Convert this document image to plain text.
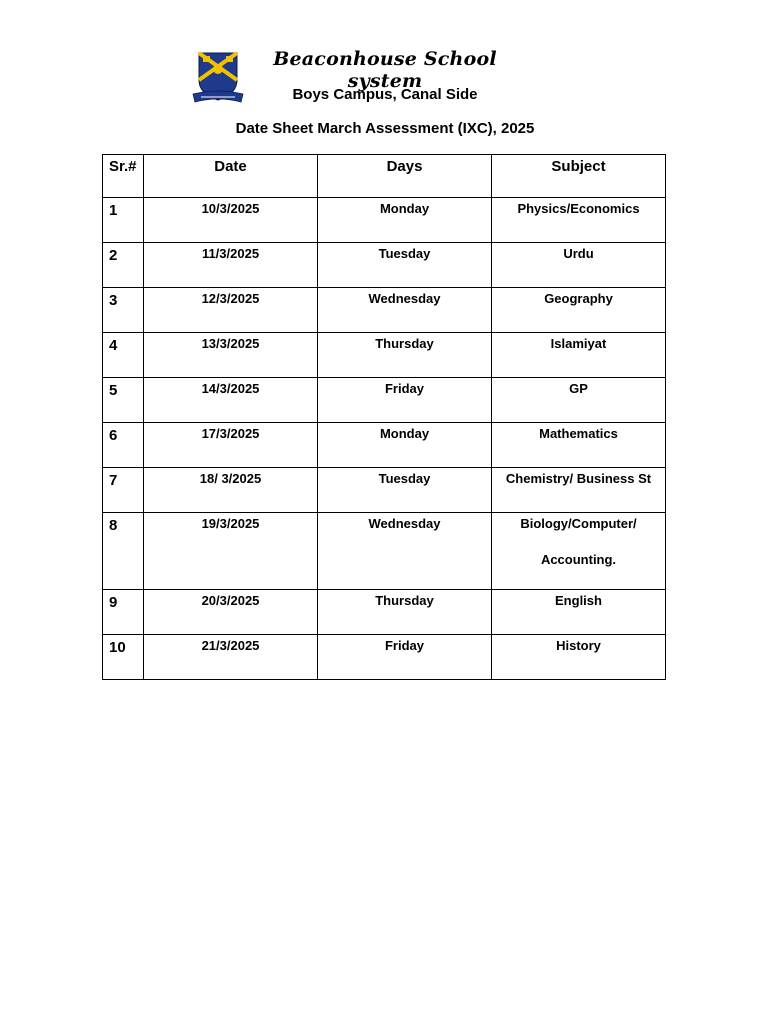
Beaconhouse School system
Boys Campus, Canal Side
Date Sheet March Assessment (IXC), 2025
Sr.#	Date	Days	Subject
1	10/3/2025	Monday	Physics/Economics
2	11/3/2025	Tuesday	Urdu
3	12/3/2025	Wednesday	Geography
4	13/3/2025	Thursday	Islamiyat
5	14/3/2025	Friday	GP
6	17/3/2025	Monday	Mathematics
7	18/ 3/2025	Tuesday	Chemistry/ Business St
8	19/3/2025	Wednesday	Biology/Computer/
Accounting.

9	20/3/2025	Thursday	English
10	21/3/2025	Friday	History
